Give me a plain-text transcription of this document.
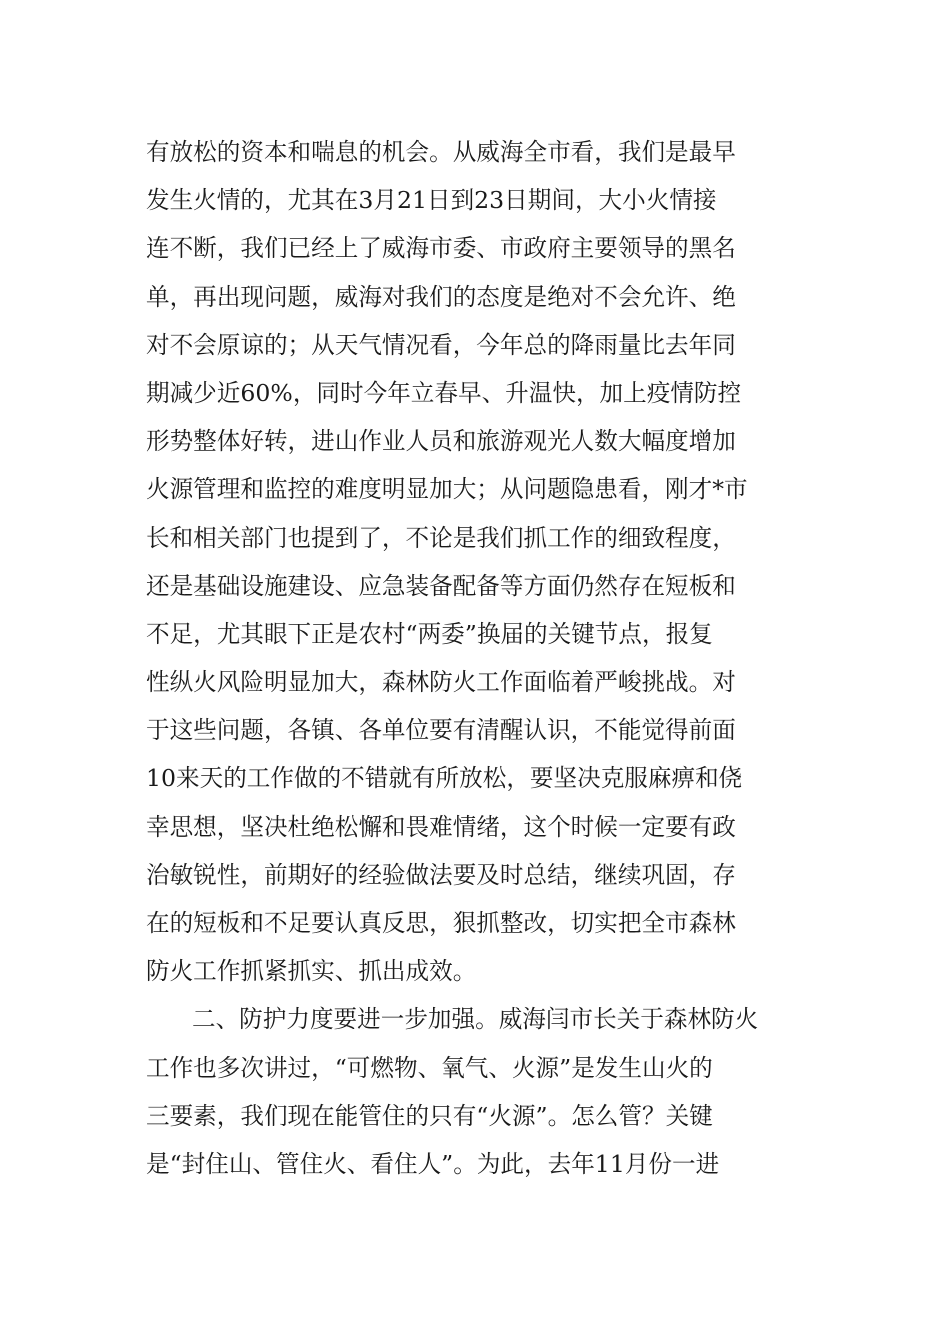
有放松的资本和喘息的机会。从威海全市看，我们是最早
发生火情的，尤其在3月21日到23日期间，大小火情接
连不断，我们已经上了威海市委、市政府主要领导的黑名
单，再出现问题，威海对我们的态度是绝对不会允许、绝
对不会原谅的；从天气情况看，今年总的降雨量比去年同
期减少近60%，同时今年立春早、升温快，加上疫情防控
形势整体好转，进山作业人员和旅游观光人数大幅度增加
火源管理和监控的难度明显加大；从问题隐患看，刚才*市
长和相关部门也提到了，不论是我们抓工作的细致程度，
还是基础设施建设、应急装备配备等方面仍然存在短板和
不足，尤其眼下正是农村“两委”换届的关键节点，报复
性纵火风险明显加大，森林防火工作面临着严峻挑战。对
于这些问题，各镇、各单位要有清醒认识，不能觉得前面
10来天的工作做的不错就有所放松，要坚决克服麻痹和侥
幸思想，坚决杜绝松懈和畏难情绪，这个时候一定要有政
治敏锐性，前期好的经验做法要及时总结，继续巩固，存
在的短板和不足要认真反思，狠抓整改，切实把全市森林
防火工作抓紧抓实、抓出成效。
二、防护力度要进一步加强。威海闫市长关于森林防火
工作也多次讲过，“可燃物、氧气、火源”是发生山火的
三要素，我们现在能管住的只有“火源”。怎么管？关键
是“封住山、管住火、看住人”。为此，去年11月份一进
